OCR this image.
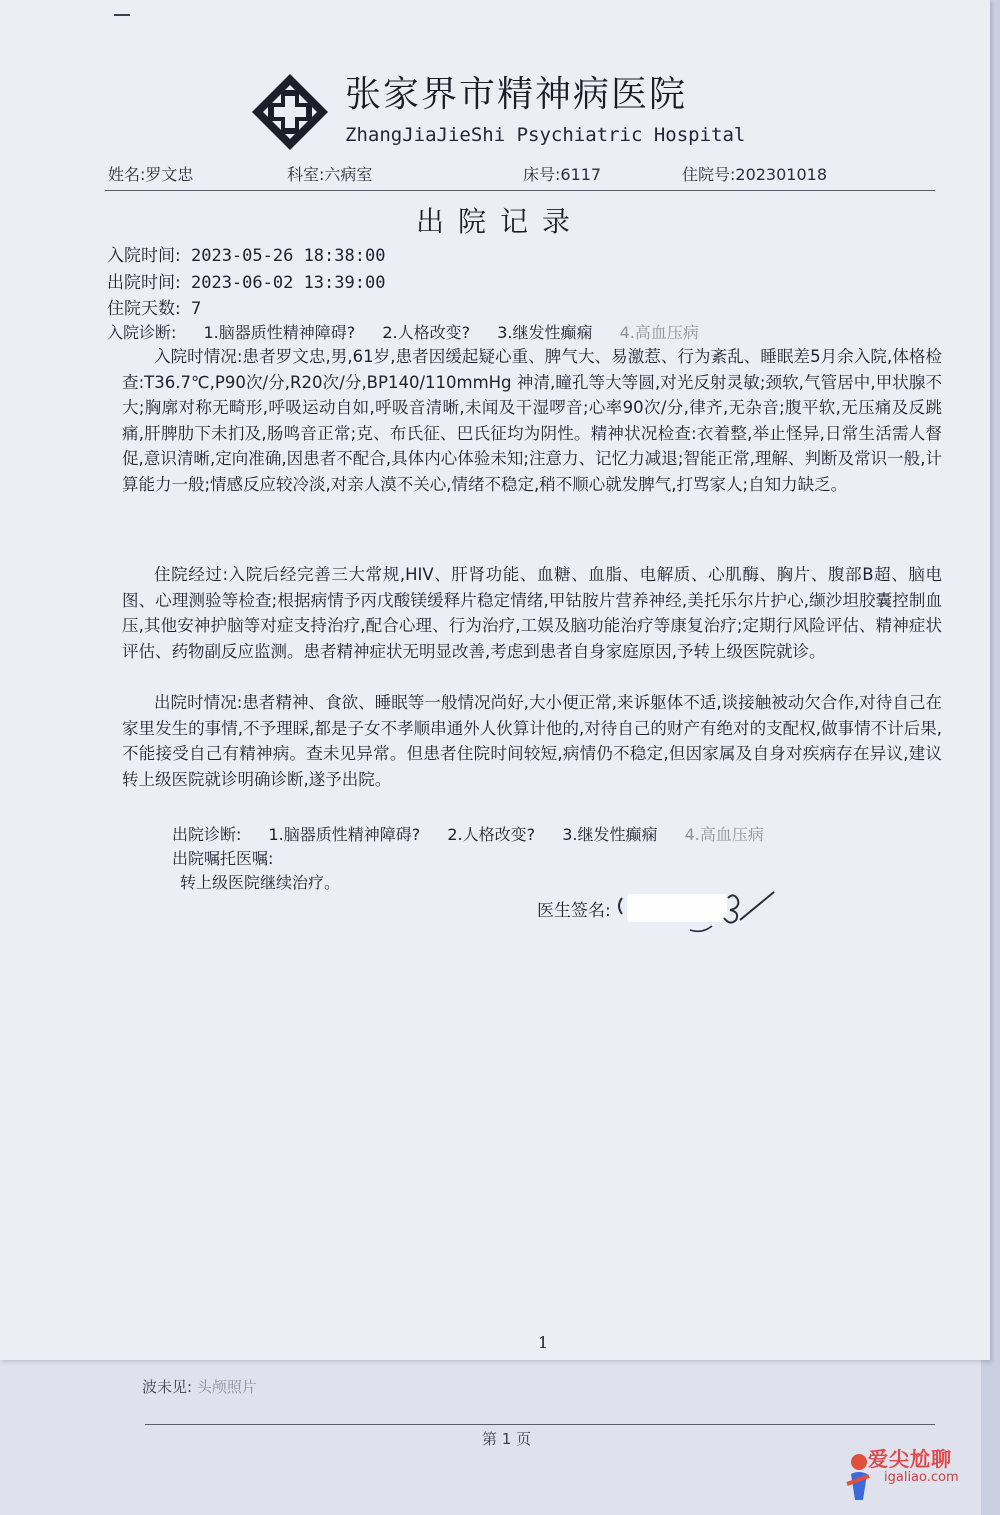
张家界市精神病医院
ZhangJiaJieShi Psychiatric Hospital
姓名:罗文忠	科室:六病室	床号:6117	住院号:202301018
出院记录
入院时间: 2023-05-26 18:38:00
出院时间: 2023-06-02 13:39:00
住院天数: 7
入院诊断: 1.脑器质性精神障碍? 2.人格改变? 3.继发性癫痫 4.高血压病
入院时情况:患者罗文忠,男,61岁,患者因缓起疑心重、脾气大、易激惹、行为紊乱、睡眠差5月余入院,体格检查:T36.7℃,P90次/分,R20次/分,BP140/110mmHg 神清,瞳孔等大等圆,对光反射灵敏;颈软,气管居中,甲状腺不大;胸廓对称无畸形,呼吸运动自如,呼吸音清晰,未闻及干湿啰音;心率90次/分,律齐,无杂音;腹平软,无压痛及反跳痛,肝脾肋下未扪及,肠鸣音正常;克、布氏征、巴氏征均为阴性。精神状况检查:衣着整,举止怪异,日常生活需人督促,意识清晰,定向准确,因患者不配合,具体内心体验未知;注意力、记忆力减退;智能正常,理解、判断及常识一般,计算能力一般;情感反应较冷淡,对亲人漠不关心,情绪不稳定,稍不顺心就发脾气,打骂家人;自知力缺乏。
住院经过:入院后经完善三大常规,HIV、肝肾功能、血糖、血脂、电解质、心肌酶、胸片、腹部B超、脑电图、心理测验等检查;根据病情予丙戊酸镁缓释片稳定情绪,甲钴胺片营养神经,美托乐尔片护心,缬沙坦胶囊控制血压,其他安神护脑等对症支持治疗,配合心理、行为治疗,工娱及脑功能治疗等康复治疗;定期行风险评估、精神症状评估、药物副反应监测。患者精神症状无明显改善,考虑到患者自身家庭原因,予转上级医院就诊。
出院时情况:患者精神、食欲、睡眠等一般情况尚好,大小便正常,来诉躯体不适,谈接触被动欠合作,对待自己在家里发生的事情,不予理睬,都是子女不孝顺串通外人伙算计他的,对待自己的财产有绝对的支配权,做事情不计后果,不能接受自己有精神病。查未见异常。但患者住院时间较短,病情仍不稳定,但因家属及自身对疾病存在异议,建议转上级医院就诊明确诊断,遂予出院。
出院诊断: 1.脑器质性精神障碍? 2.人格改变? 3.继发性癫痫 4.高血压病
出院嘱托医嘱:
转上级医院继续治疗。
医生签名:
1
波未见: 头颅照片
第 1 页
爱尖尬聊
igaliao.com
